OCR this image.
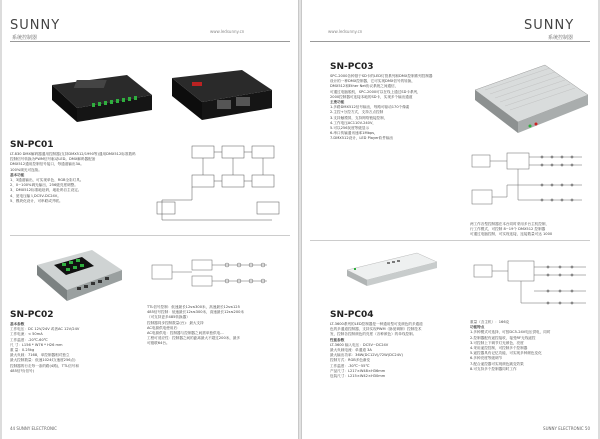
SUNNY
系统控制器
www.ledsunny.cn
SN-PC01
LT-830 DMX解码器通用控制器(支持DMX512/1990等)通用DMX512标准数码
控制信号转换为PWM信号驱动LED。DMX解码器配备
DMX512通用控制信号接口，每通道输出3A。
100%调光可连续。
基本功能
1、3通道输出，可实现单色、RGB全彩灯具。
2、0~100%调光输出，256级亮度调整。
3、DMX512标准地址码，地址码自主设定。
4、宽电压输入DC5V-DC24V。
5、模块化设计，可串联或并联。
SN-PC02
基本参数
工作电压：DC 12V/24V 或者AC 12V/24V
工作电流：< 50mA
工作温度：-20℃-60℃
尺 寸：L156 * W76 * H26 mm
重 量：0.25kg
最大负载：7168，单控制器相对独立
最大控制数量：低速1024灯(速度256点)
控制器的行走每一条的路(4路)，TTL信号和
485信号(信号)
TTL信号控制：低速最长12s≤300米，高速最长12s≤125
485信号控制：低速最长12s≤300米，高速最长12s≤200米
（可支持更多485转换器）
控制器同步控制数量(台)：最大支持
AC电源供电使用后：
AC电源供电：控制器与控制器之间需单独供电...
工程可适应性：控制器之间的距离最大不超过200米，最多
可级联64台。
44 SUNNY ELECTRONIC
www.ledsunny.cn	SUNNY
系统控制器
SN-PC03
SPC-2000各种基于SD卡的LED灯管系列和DMX控制系列控制器
设计的一种DMX控制器，它可实现DMX信号的转换，
DMX512和Ether Net协议系统之间通信，
可通过电脑脱机，SPC-2000可以在线上通过SD卡系列，
2000控制器可连接本地的SD卡，实现多个输出通道
主要功能
1.多路DMX512信号输出，每路可驱动170个像素
2.主控+分控方式，支持万点控制
3.支持触摸屏，支持网络链接控制，
4.工作电压AC110V-240V，
5.可以256灰度等级显示
6.串口传输通讯速率1Mbps，
7.DMX512设计，LED Player软件输出
两工作各型控制器在本台同时采用多台主机控制，
行工作模式，可控制 8~19个 DMX512 控制器
可通过电脑控制，可实现连接，连接数量可达 1000
SN-PC04
LT-3600系列的LED控制器是一种通用型可变颜色的多通道
色的多通道控制器，支持实现PWM（脉宽调制）控制技术
发，控制各控制颜色的亮度（各种颜色）的单线控制。
性能参数
LT-3600 输入电压：DC5V~DC24V
最大负载电流：单通道 3A
最大输出功率：36W(DC12V)/72W(DC24V)
控制方式：RGB多色渐变
工作温度：-30℃~55℃
产品尺寸：L217×W48×H36mm
包装尺寸：L215×W42×H30mm
重量（含主机）：166克
功能特点
1.多种模式可选择，可按DC5-24V电压供电，同时
2.控制器配有遥控接收，接受RF无线遥控
3.可控制上下调节灯光颜色，亮度
4.采用遥控控制，可控制多个控制器
5.遥控器具有记忆功能，可实现多种颜色变化
6.多种亮度等级调节
7.配合遥控器可实现颜色跳变效果
8.可支持多个控制器同时工作
SUNNY ELECTRONIC 50
